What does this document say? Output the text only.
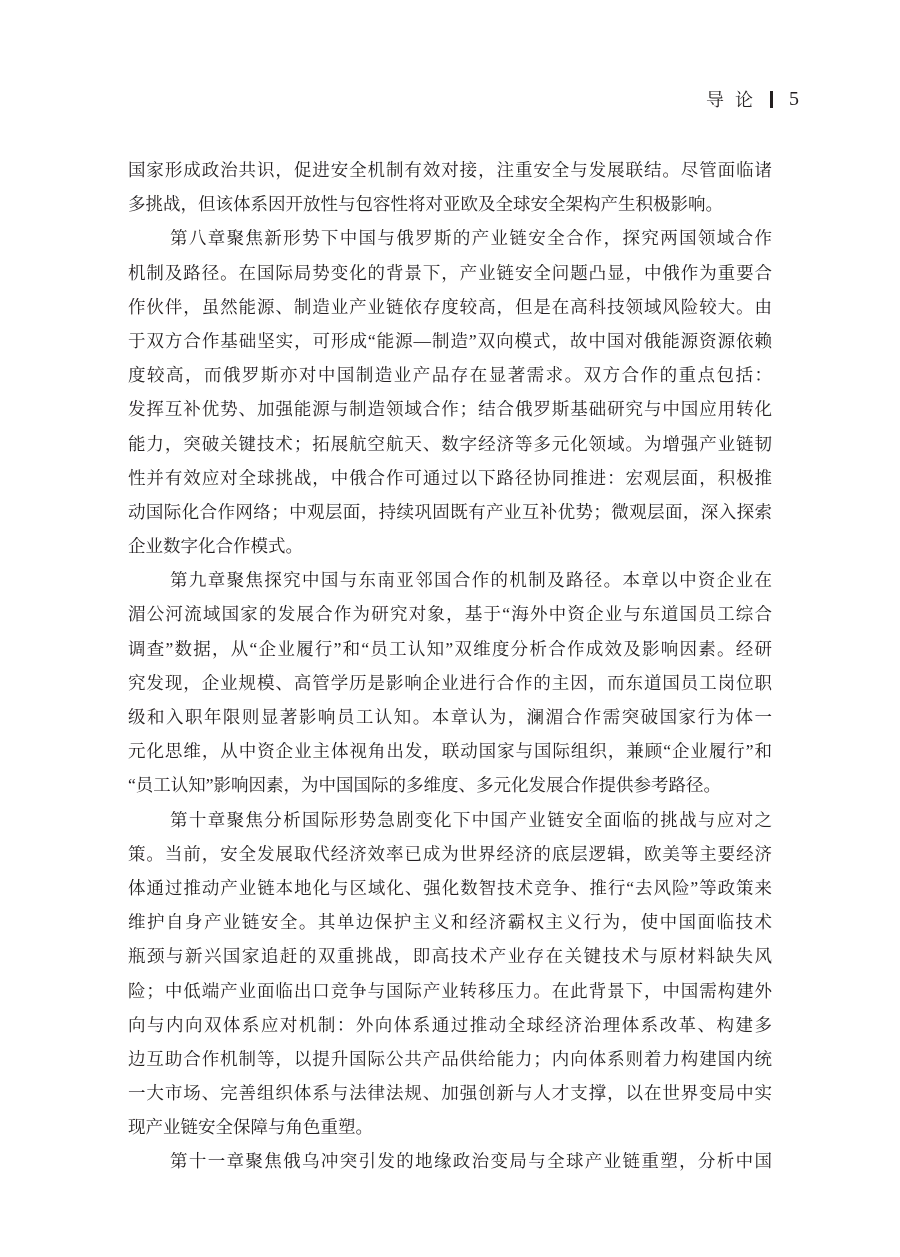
导论 5
国家形成政治共识，促进安全机制有效对接，注重安全与发展联结。尽管面临诸
多挑战，但该体系因开放性与包容性将对亚欧及全球安全架构产生积极影响。
第八章聚焦新形势下中国与俄罗斯的产业链安全合作，探究两国领域合作
机制及路径。在国际局势变化的背景下，产业链安全问题凸显，中俄作为重要合
作伙伴，虽然能源、制造业产业链依存度较高，但是在高科技领域风险较大。由
于双方合作基础坚实，可形成“能源—制造”双向模式，故中国对俄能源资源依赖
度较高，而俄罗斯亦对中国制造业产品存在显著需求。双方合作的重点包括：
发挥互补优势、加强能源与制造领域合作；结合俄罗斯基础研究与中国应用转化
能力，突破关键技术；拓展航空航天、数字经济等多元化领域。为增强产业链韧
性并有效应对全球挑战，中俄合作可通过以下路径协同推进：宏观层面，积极推
动国际化合作网络；中观层面，持续巩固既有产业互补优势；微观层面，深入探索
企业数字化合作模式。
第九章聚焦探究中国与东南亚邻国合作的机制及路径。本章以中资企业在
湄公河流域国家的发展合作为研究对象，基于“海外中资企业与东道国员工综合
调查”数据，从“企业履行”和“员工认知”双维度分析合作成效及影响因素。经研
究发现，企业规模、高管学历是影响企业进行合作的主因，而东道国员工岗位职
级和入职年限则显著影响员工认知。本章认为，澜湄合作需突破国家行为体一
元化思维，从中资企业主体视角出发，联动国家与国际组织，兼顾“企业履行”和
“员工认知”影响因素，为中国国际的多维度、多元化发展合作提供参考路径。
第十章聚焦分析国际形势急剧变化下中国产业链安全面临的挑战与应对之
策。当前，安全发展取代经济效率已成为世界经济的底层逻辑，欧美等主要经济
体通过推动产业链本地化与区域化、强化数智技术竞争、推行“去风险”等政策来
维护自身产业链安全。其单边保护主义和经济霸权主义行为，使中国面临技术
瓶颈与新兴国家追赶的双重挑战，即高技术产业存在关键技术与原材料缺失风
险；中低端产业面临出口竞争与国际产业转移压力。在此背景下，中国需构建外
向与内向双体系应对机制：外向体系通过推动全球经济治理体系改革、构建多
边互助合作机制等，以提升国际公共产品供给能力；内向体系则着力构建国内统
一大市场、完善组织体系与法律法规、加强创新与人才支撑，以在世界变局中实
现产业链安全保障与角色重塑。
第十一章聚焦俄乌冲突引发的地缘政治变局与全球产业链重塑，分析中国
